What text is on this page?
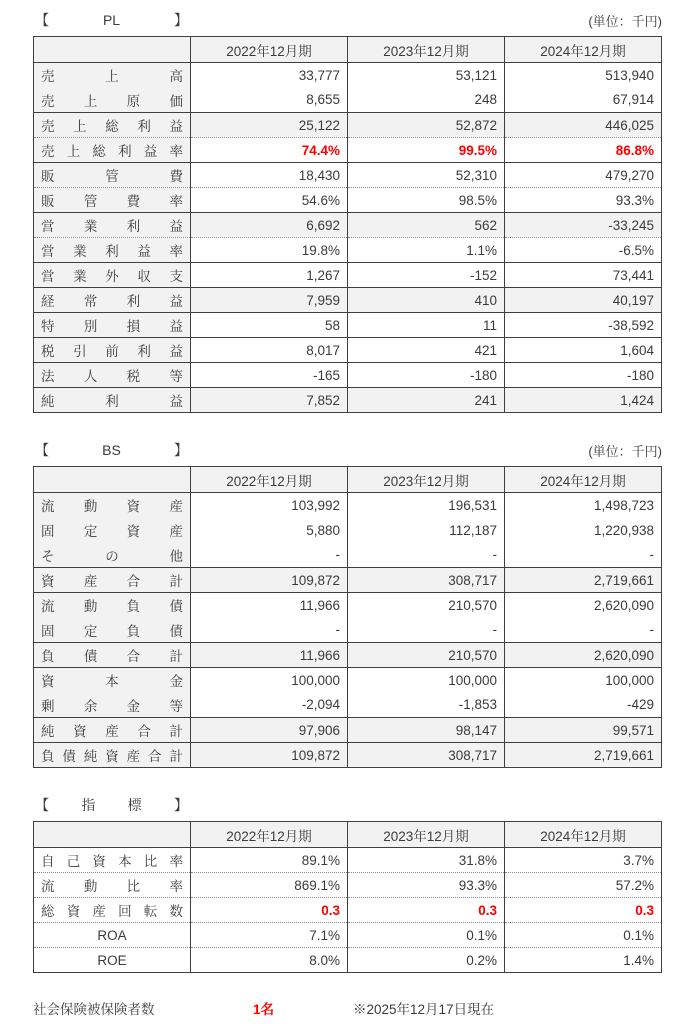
【	PL	】	(単位：千円)
	2022年12月期	2023年12月期	2024年12月期

売 上 高	33,777	53,121	513,940

売 上 原 価	8,655	248	67,914

売 上 総 利 益	25,122	52,872	446,025

売 上 総 利 益 率	74.4%	99.5%	86.8%

販 管 費	18,430	52,310	479,270

販 管 費 率	54.6%	98.5%	93.3%

営 業 利 益	6,692	562	-33,245

営 業 利 益 率	19.8%	1.1%	-6.5%

営 業 外 収 支	1,267	-152	73,441

経 常 利 益	7,959	410	40,197

特 別 損 益	58	11	-38,592

税 引 前 利 益	8,017	421	1,604

法 人 税 等	-165	-180	-180

純 利 益	7,852	241	1,424
【	BS	】	(単位：千円)
	2022年12月期	2023年12月期	2024年12月期

流 動 資 産	103,992	196,531	1,498,723

固 定 資 産	5,880	112,187	1,220,938

そ の 他	-	-	-

資 産 合 計	109,872	308,717	2,719,661

流 動 負 債	11,966	210,570	2,620,090

固 定 負 債	-	-	-

負 債 合 計	11,966	210,570	2,620,090

資 本 金	100,000	100,000	100,000

剰 余 金 等	-2,094	-1,853	-429

純 資 産 合 計	97,906	98,147	99,571

負 債 純 資 産 合 計	109,872	308,717	2,719,661
【 指 標 】
	2022年12月期	2023年12月期	2024年12月期

自 己 資 本 比 率	89.1%	31.8%	3.7%

流 動 比 率	869.1%	93.3%	57.2%

総 資 産 回 転 数	0.3	0.3	0.3

ROA	7.1%	0.1%	0.1%

ROE	8.0%	0.2%	1.4%
社会保険被保険者数	1名	※2025年12月17日現在
